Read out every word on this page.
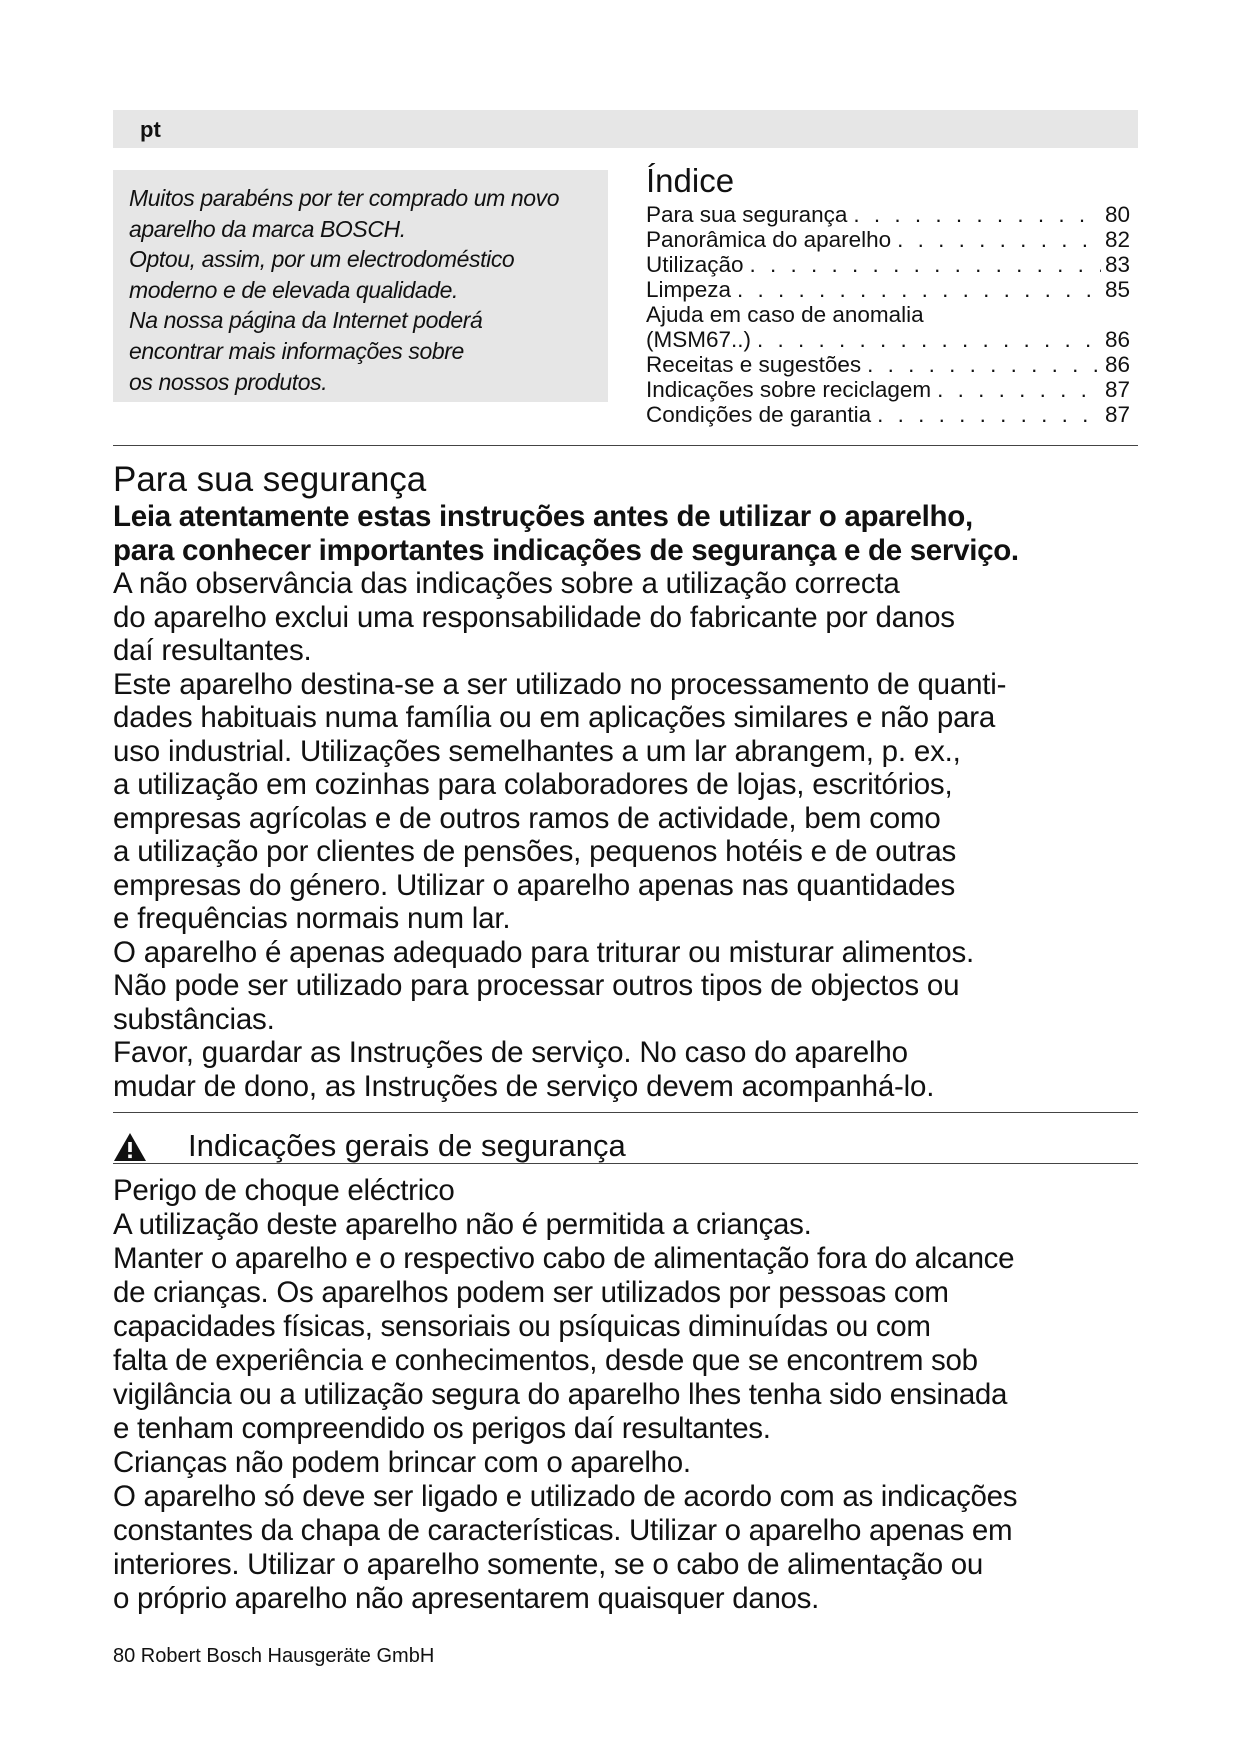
pt
Muitos parabéns por ter comprado um novo
aparelho da marca BOSCH.
Optou, assim, por um electrodoméstico
moderno e de elevada qualidade.
Na nossa página da Internet poderá
encontrar mais informações sobre
os nossos produtos.
Índice
Para sua segurança . . .	80
Panorâmica do aparelho . . .	82
Utilização . . .	83
Limpeza . . .	85
Ajuda em caso de anomalia
(MSM67..) . . .	86
Receitas e sugestões . . .	86
Indicações sobre reciclagem . . .	87
Condições de garantia . . .	87
Para sua segurança
Leia atentamente estas instruções antes de utilizar o aparelho,
para conhecer importantes indicações de segurança e de serviço.
A não observância das indicações sobre a utilização correcta
do aparelho exclui uma responsabilidade do fabricante por danos
daí resultantes.
Este aparelho destina-se a ser utilizado no processamento de quanti-
dades habituais numa família ou em aplicações similares e não para
uso industrial. Utilizações semelhantes a um lar abrangem, p. ex.,
a utilização em cozinhas para colaboradores de lojas, escritórios,
empresas agrícolas e de outros ramos de actividade, bem como
a utilização por clientes de pensões, pequenos hotéis e de outras
empresas do género. Utilizar o aparelho apenas nas quantidades
e frequências normais num lar.
O aparelho é apenas adequado para triturar ou misturar alimentos.
Não pode ser utilizado para processar outros tipos de objectos ou
substâncias.
Favor, guardar as Instruções de serviço. No caso do aparelho
mudar de dono, as Instruções de serviço devem acompanhá-lo.
Indicações gerais de segurança
Perigo de choque eléctrico
A utilização deste aparelho não é permitida a crianças.
Manter o aparelho e o respectivo cabo de alimentação fora do alcance
de crianças. Os aparelhos podem ser utilizados por pessoas com
capacidades físicas, sensoriais ou psíquicas diminuídas ou com
falta de experiência e conhecimentos, desde que se encontrem sob
vigilância ou a utilização segura do aparelho lhes tenha sido ensinada
e tenham compreendido os perigos daí resultantes.
Crianças não podem brincar com o aparelho.
O aparelho só deve ser ligado e utilizado de acordo com as indicações
constantes da chapa de características. Utilizar o aparelho apenas em
interiores. Utilizar o aparelho somente, se o cabo de alimentação ou
o próprio aparelho não apresentarem quaisquer danos.
80 Robert Bosch Hausgeräte GmbH
